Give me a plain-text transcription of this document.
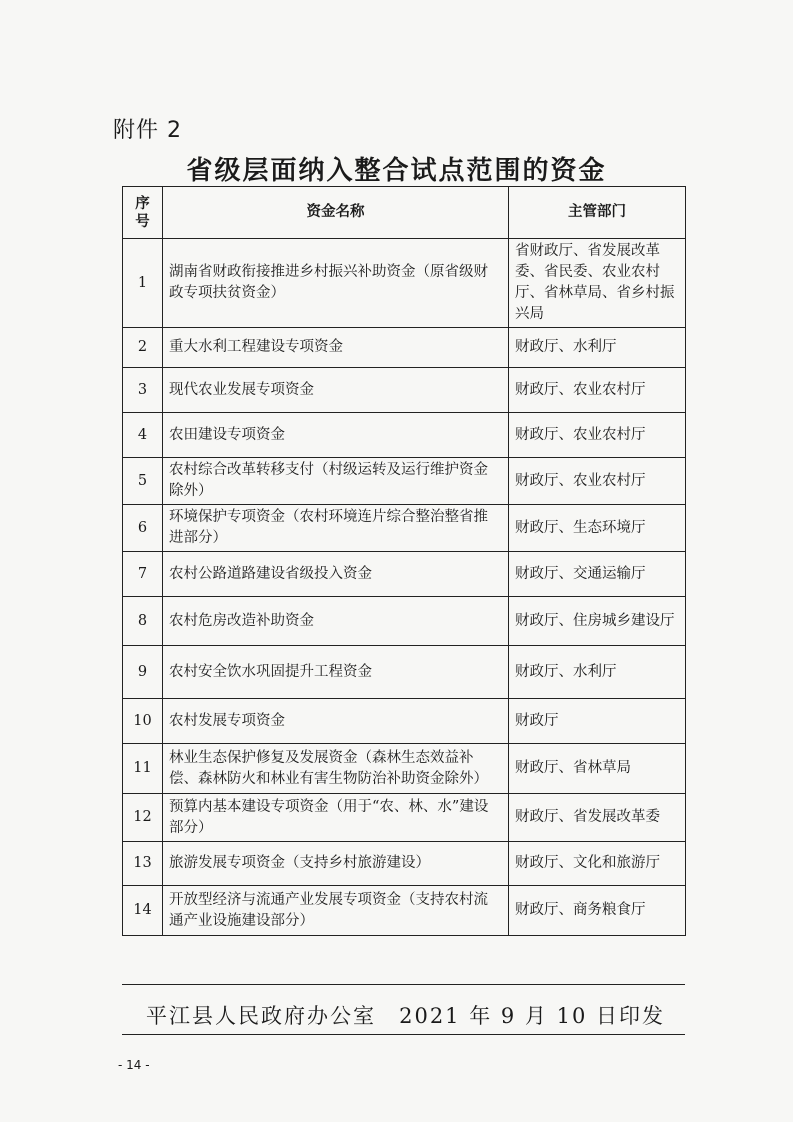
附件 2
省级层面纳入整合试点范围的资金
序号	资金名称	主管部门
1	湖南省财政衔接推进乡村振兴补助资金（原省级财政专项扶贫资金）	省财政厅、省发展改革委、省民委、农业农村厅、省林草局、省乡村振兴局
2	重大水利工程建设专项资金	财政厅、水利厅
3	现代农业发展专项资金	财政厅、农业农村厅
4	农田建设专项资金	财政厅、农业农村厅
5	农村综合改革转移支付（村级运转及运行维护资金除外）	财政厅、农业农村厅
6	环境保护专项资金（农村环境连片综合整治整省推进部分）	财政厅、生态环境厅
7	农村公路道路建设省级投入资金	财政厅、交通运输厅
8	农村危房改造补助资金	财政厅、住房城乡建设厅
9	农村安全饮水巩固提升工程资金	财政厅、水利厅
10	农村发展专项资金	财政厅
11	林业生态保护修复及发展资金（森林生态效益补偿、森林防火和林业有害生物防治补助资金除外）	财政厅、省林草局
12	预算内基本建设专项资金（用于“农、林、水”建设部分）	财政厅、省发展改革委
13	旅游发展专项资金（支持乡村旅游建设）	财政厅、文化和旅游厅
14	开放型经济与流通产业发展专项资金（支持农村流通产业设施建设部分）	财政厅、商务粮食厅
平江县人民政府办公室 2021 年 9 月 10 日印发
- 14 -
